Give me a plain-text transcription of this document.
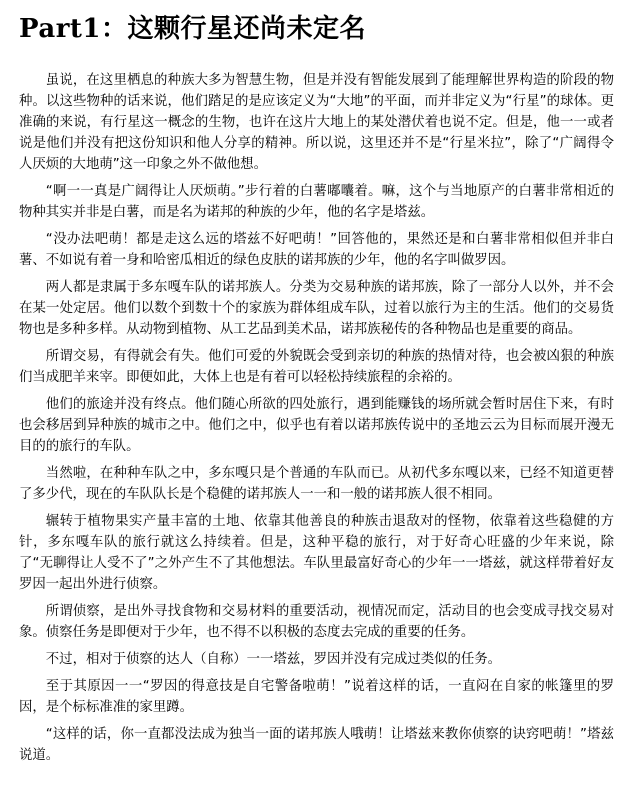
Part1：这颗行星还尚未定名

虽说，在这里栖息的种族大多为智慧生物，但是并没有智能发展到了能理解世界构造的阶段的物种。以这些物种的话来说，他们踏足的是应该定义为“大地”的平面，而并非定义为“行星”的球体。更准确的来说，有行星这一概念的生物，也许在这片大地上的某处潜伏着也说不定。但是，他一一或者说是他们并没有把这份知识和他人分享的精神。所以说，这里还并不是“行星米拉”，除了“广阔得令人厌烦的大地萌”这一印象之外不做他想。

“啊一一真是广阔得让人厌烦萌。”步行着的白薯嘟囔着。嘛，这个与当地原产的白薯非常相近的物种其实并非是白薯，而是名为诺邦的种族的少年，他的名字是塔兹。

“没办法吧萌！都是走这么远的塔兹不好吧萌！”回答他的，果然还是和白薯非常相似但并非白薯、不如说有着一身和哈密瓜相近的绿色皮肤的诺邦族的少年，他的名字叫做罗因。

两人都是隶属于多东嘎车队的诺邦族人。分类为交易种族的诺邦族，除了一部分人以外，并不会在某一处定居。他们以数个到数十个的家族为群体组成车队，过着以旅行为主的生活。他们的交易货物也是多种多样。从动物到植物、从工艺品到美术品，诺邦族秘传的各种物品也是重要的商品。

所谓交易，有得就会有失。他们可爱的外貌既会受到亲切的种族的热情对待，也会被凶狠的种族们当成肥羊来宰。即便如此，大体上也是有着可以轻松持续旅程的余裕的。

他们的旅途并没有终点。他们随心所欲的四处旅行，遇到能赚钱的场所就会暂时居住下来，有时也会移居到异种族的城市之中。他们之中，似乎也有着以诺邦族传说中的圣地云云为目标而展开漫无目的的旅行的车队。

当然啦，在种种车队之中，多东嘎只是个普通的车队而已。从初代多东嘎以来，已经不知道更替了多少代，现在的车队队长是个稳健的诺邦族人一一和一般的诺邦族人很不相同。

辗转于植物果实产量丰富的土地、依靠其他善良的种族击退敌对的怪物，依靠着这些稳健的方针，多东嘎车队的旅行就这么持续着。但是，这种平稳的旅行，对于好奇心旺盛的少年来说，除了“无聊得让人受不了”之外产生不了其他想法。车队里最富好奇心的少年一一塔兹，就这样带着好友罗因一起出外进行侦察。

所谓侦察，是出外寻找食物和交易材料的重要活动，视情况而定，活动目的也会变成寻找交易对象。侦察任务是即便对于少年，也不得不以积极的态度去完成的重要的任务。

不过，相对于侦察的达人（自称）一一塔兹，罗因并没有完成过类似的任务。

至于其原因一一“罗因的得意技是自宅警备啦萌！”说着这样的话，一直闷在自家的帐篷里的罗因，是个标标准准的家里蹲。

“这样的话，你一直都没法成为独当一面的诺邦族人哦萌！让塔兹来教你侦察的诀窍吧萌！”塔兹说道。
